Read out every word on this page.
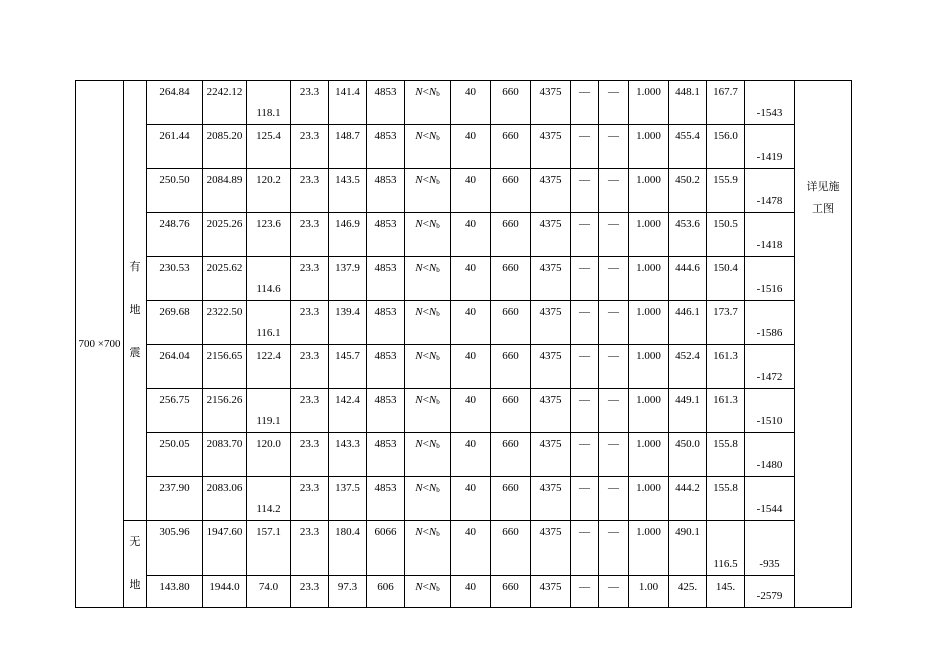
700 ×700	有 地 震	264.84	2242.12	118.1	23.3	141.4	4853	$N<N_b$	40	660	4375	—	—	1.000	448.1	167.7	-1543	详见施 工图
		261.44	2085.20	125.4	23.3	148.7	4853	$N<N_b$	40	660	4375	—	—	1.000	455.4	156.0	-1419	
		250.50	2084.89	120.2	23.3	143.5	4853	$N<N_b$	40	660	4375	—	—	1.000	450.2	155.9	-1478	
		248.76	2025.26	123.6	23.3	146.9	4853	$N<N_b$	40	660	4375	—	—	1.000	453.6	150.5	-1418	
		230.53	2025.62	114.6	23.3	137.9	4853	$N<N_b$	40	660	4375	—	—	1.000	444.6	150.4	-1516	
		269.68	2322.50	116.1	23.3	139.4	4853	$N<N_b$	40	660	4375	—	—	1.000	446.1	173.7	-1586	
		264.04	2156.65	122.4	23.3	145.7	4853	$N<N_b$	40	660	4375	—	—	1.000	452.4	161.3	-1472	
		256.75	2156.26	119.1	23.3	142.4	4853	$N<N_b$	40	660	4375	—	—	1.000	449.1	161.3	-1510	
		250.05	2083.70	120.0	23.3	143.3	4853	$N<N_b$	40	660	4375	—	—	1.000	450.0	155.8	-1480	
		237.90	2083.06	114.2	23.3	137.5	4853	$N<N_b$	40	660	4375	—	—	1.000	444.2	155.8	-1544	
	无 地	305.96	1947.60	157.1	23.3	180.4	6066	$N<N_b$	40	660	4375	—	—	1.000	490.1	116.5	-935	
		143.80	1944.0	74.0	23.3	97.3	606	$N<N_b$	40	660	4375	—	—	1.00	425.	145.	-2579	
